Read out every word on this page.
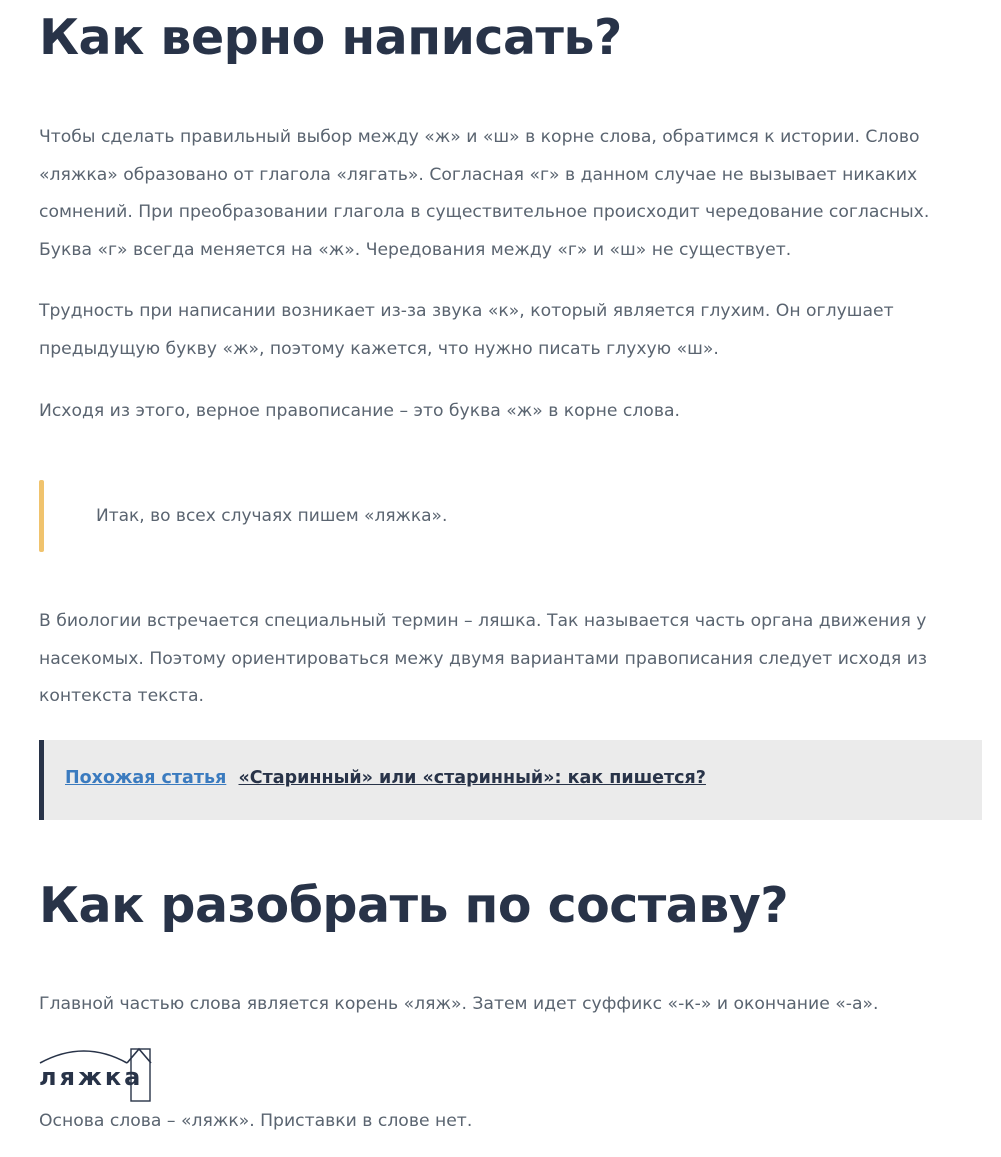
Как верно написать?

Чтобы сделать правильный выбор между «ж» и «ш» в корне слова, обратимся к истории. Слово «ляжка» образовано от глагола «лягать». Согласная «г» в данном случае не вызывает никаких сомнений. При преобразовании глагола в существительное происходит чередование согласных. Буква «г» всегда меняется на «ж». Чередования между «г» и «ш» не существует.

Трудность при написании возникает из-за звука «к», который является глухим. Он оглушает предыдущую букву «ж», поэтому кажется, что нужно писать глухую «ш».

Исходя из этого, верное правописание – это буква «ж» в корне слова.

Итак, во всех случаях пишем «ляжка».

В биологии встречается специальный термин – ляшка. Так называется часть органа движения у насекомых. Поэтому ориентироваться межу двумя вариантами правописания следует исходя из контекста текста.

Похожая статья «Старинный» или «старинный»: как пишется?
Как разобрать по составу?

Главной частью слова является корень «ляж». Затем идет суффикс «-к-» и окончание «-а».

ляжка

Основа слова – «ляжк». Приставки в слове нет.
